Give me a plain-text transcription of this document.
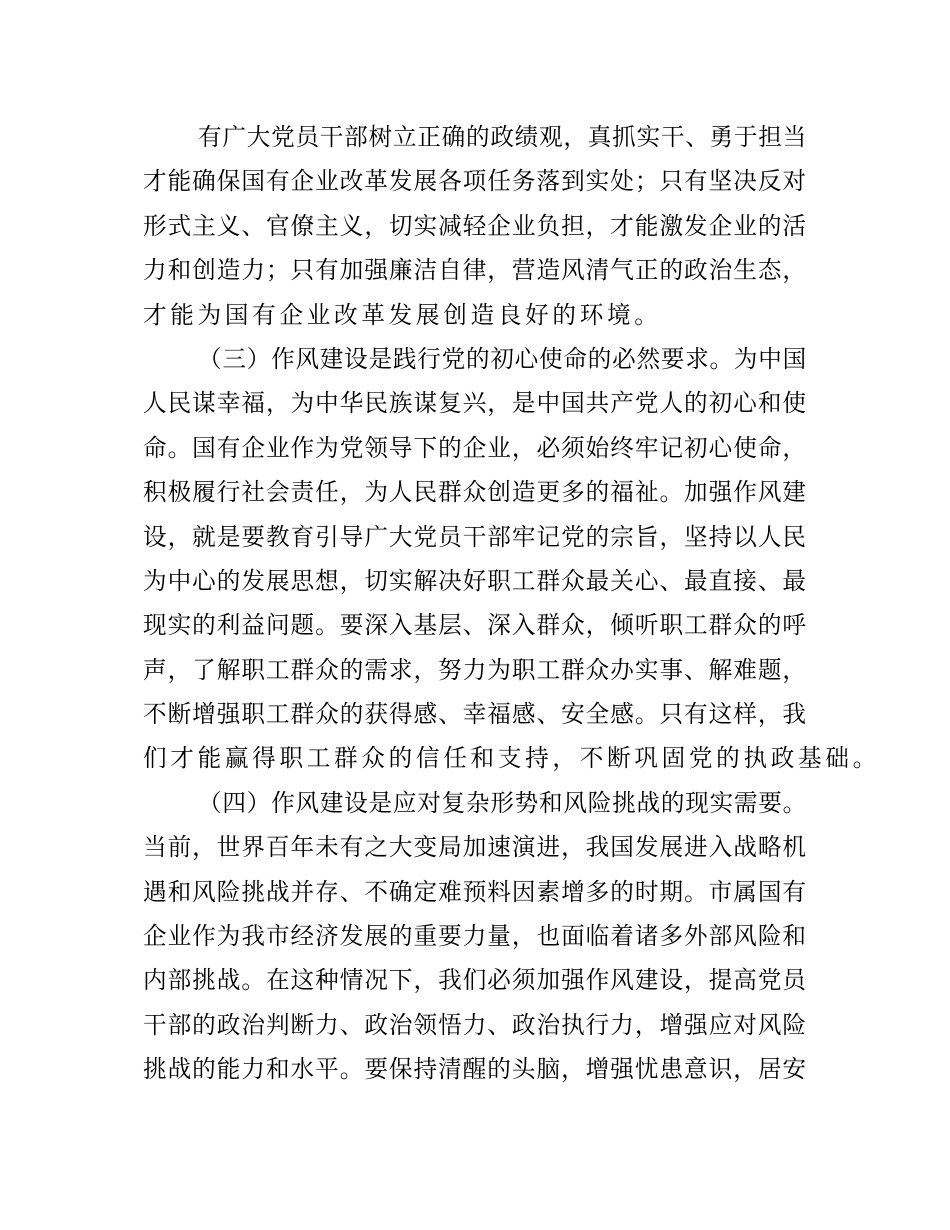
有广大党员干部树立正确的政绩观，真抓实干、勇于担当
才能确保国有企业改革发展各项任务落到实处；只有坚决反对
形式主义、官僚主义，切实减轻企业负担，才能激发企业的活
力和创造力；只有加强廉洁自律，营造风清气正的政治生态，
才能为国有企业改革发展创造良好的环境。
（三）作风建设是践行党的初心使命的必然要求。为中国
人民谋幸福，为中华民族谋复兴，是中国共产党人的初心和使
命。国有企业作为党领导下的企业，必须始终牢记初心使命，
积极履行社会责任，为人民群众创造更多的福祉。加强作风建
设，就是要教育引导广大党员干部牢记党的宗旨，坚持以人民
为中心的发展思想，切实解决好职工群众最关心、最直接、最
现实的利益问题。要深入基层、深入群众，倾听职工群众的呼
声，了解职工群众的需求，努力为职工群众办实事、解难题，
不断增强职工群众的获得感、幸福感、安全感。只有这样，我
们才能赢得职工群众的信任和支持，不断巩固党的执政基础。
（四）作风建设是应对复杂形势和风险挑战的现实需要。
当前，世界百年未有之大变局加速演进，我国发展进入战略机
遇和风险挑战并存、不确定难预料因素增多的时期。市属国有
企业作为我市经济发展的重要力量，也面临着诸多外部风险和
内部挑战。在这种情况下，我们必须加强作风建设，提高党员
干部的政治判断力、政治领悟力、政治执行力，增强应对风险
挑战的能力和水平。要保持清醒的头脑，增强忧患意识，居安
